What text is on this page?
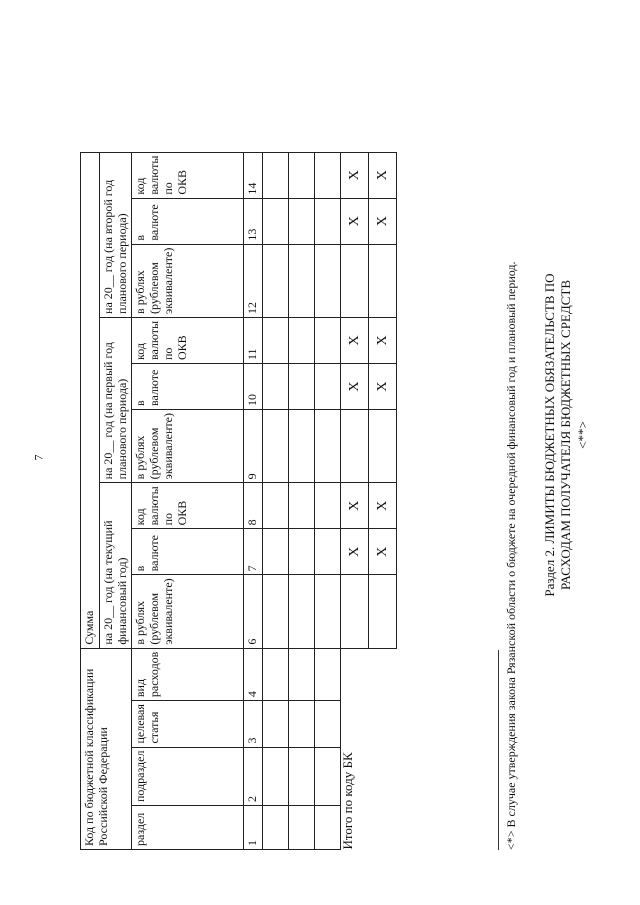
7
Код по бюджетной классификации Российской Федерации				Сумма								
				на 20__ год (на текущий финансовый год)			на 20__ год (на первый год планового периода)			на 20__ год (на второй год планового периода)		
раздел	подраздел	целевая статья	вид расходов	в рублях (рублевом эквиваленте)	в валюте	код валюты по ОКВ	в рублях (рублевом эквиваленте)	в валюте	код валюты по ОКВ	в рублях (рублевом эквиваленте)	в валюте	код валюты по ОКВ
1	2	3	4	6	7	8	9	10	11	12	13	14

Итого по коду БК					X	X		X	X		X	X
					X	X		X	X		X	X
<*> В случае утверждения закона Рязанской области о бюджете на очередной финансовый год и плановый период. Раздел 2. ЛИМИТЫ БЮДЖЕТНЫХ ОБЯЗАТЕЛЬСТВ ПО РАСХОДАМ ПОЛУЧАТЕЛЯ БЮДЖЕТНЫХ СРЕДСТВ <**>
